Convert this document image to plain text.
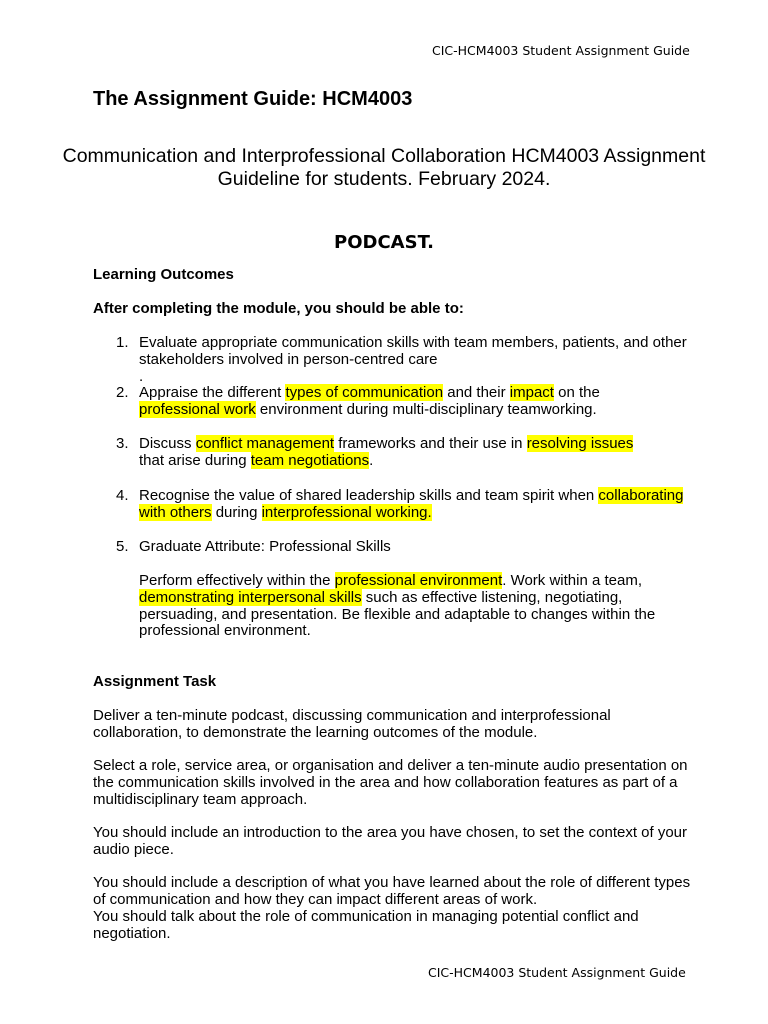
CIC-HCM4003 Student Assignment Guide
The Assignment Guide: HCM4003
Communication and Interprofessional Collaboration HCM4003 Assignment Guideline for students. February 2024.
PODCAST.
Learning Outcomes
After completing the module, you should be able to:
1. Evaluate appropriate communication skills with team members, patients, and other stakeholders involved in person-centred care
.
2. Appraise the different types of communication and their impact on the
professional work environment during multi-disciplinary teamworking.
3. Discuss conflict management frameworks and their use in resolving issues
that arise during team negotiations.
4. Recognise the value of shared leadership skills and team spirit when collaborating with others during interprofessional working.
5. Graduate Attribute: Professional Skills
Perform effectively within the professional environment. Work within a team, demonstrating interpersonal skills such as effective listening, negotiating, persuading, and presentation. Be flexible and adaptable to changes within the professional environment.
Assignment Task
Deliver a ten-minute podcast, discussing communication and interprofessional collaboration, to demonstrate the learning outcomes of the module.
Select a role, service area, or organisation and deliver a ten-minute audio presentation on the communication skills involved in the area and how collaboration features as part of a multidisciplinary team approach.
You should include an introduction to the area you have chosen, to set the context of your audio piece.
You should include a description of what you have learned about the role of different types of communication and how they can impact different areas of work.
You should talk about the role of communication in managing potential conflict and negotiation.
CIC-HCM4003 Student Assignment Guide
